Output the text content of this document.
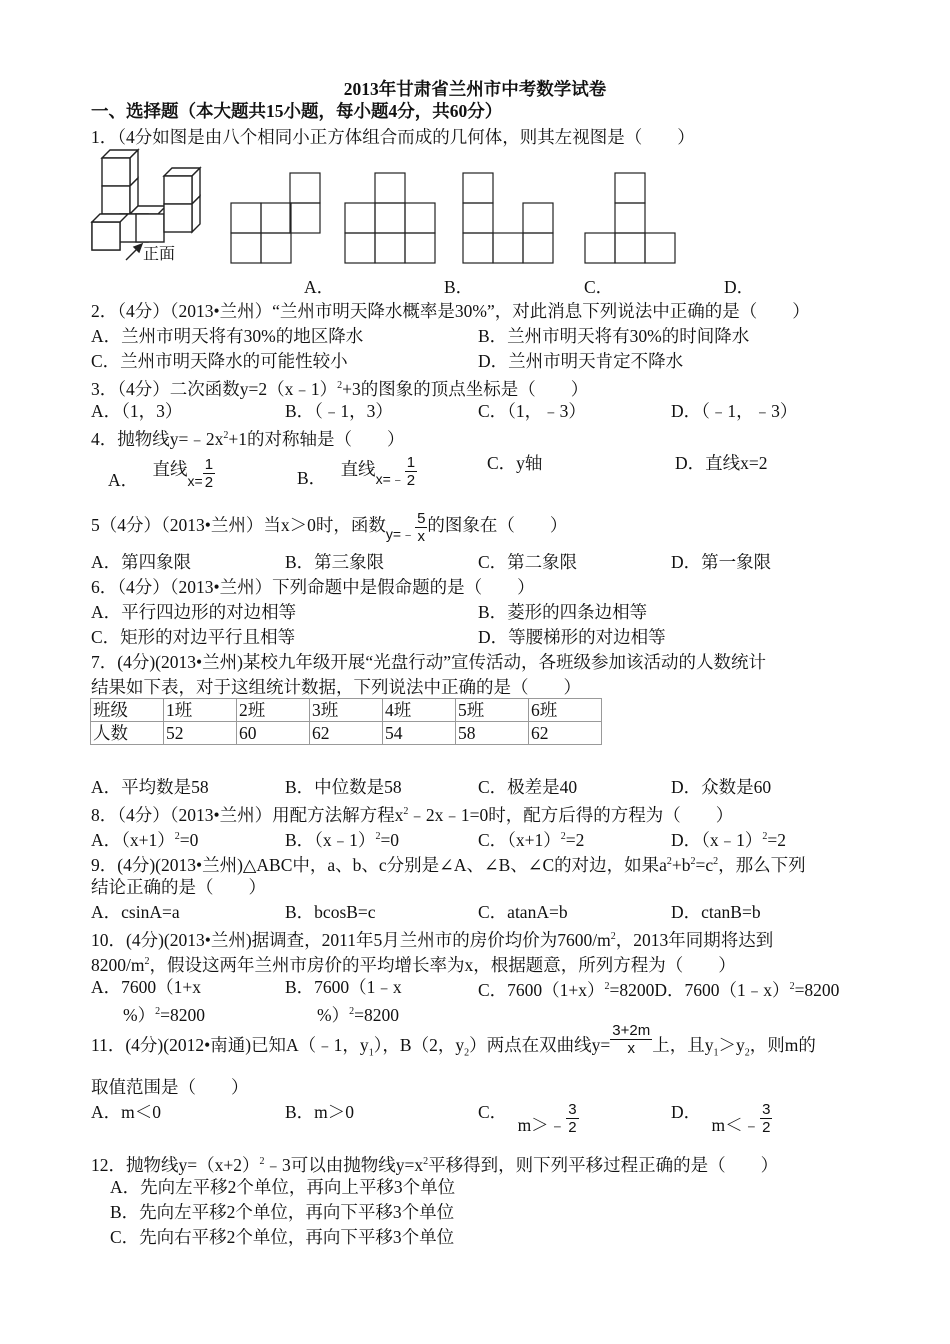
2013年甘肃省兰州市中考数学试卷
一、选择题（本大题共15小题，每小题4分，共60分）
1．（4分如图是由八个相同小正方体组合而成的几何体，则其左视图是（　　）
正面
A．	B．	C．	D．
2．（4分）（2013•兰州）“兰州市明天降水概率是30%”，对此消息下列说法中正确的是（　　）
A．兰州市明天将有30%的地区降水	B．兰州市明天将有30%的时间降水
C．兰州市明天降水的可能性较小	D．兰州市明天肯定不降水
3．（4分）二次函数y=2（x﹣1）$^2$+3的图象的顶点坐标是（　　）
A．（1，3）	B．（﹣1，3）	C．（1，﹣3）	D．（﹣1，﹣3）
4．抛物线$y=﹣2x^2+1$的对称轴是（　　）
A． 直线
$x= \frac{1}{2}$	B． 直线 x=﹣ $\frac{1}{2}$	C．y轴	D．直线x=2
5（4分）（2013•兰州）当x＞0时，函数 y=﹣ $\frac{5}{x}$ 的图象在（　　）
A．第四象限	B．第三象限	C．第二象限	D．第一象限
6．（4分）（2013•兰州）下列命题中是假命题的是（　　）
A．平行四边形的对边相等	B．菱形的四条边相等
C．矩形的对边平行且相等	D．等腰梯形的对边相等
7．(4分)(2013•兰州)某校九年级开展“光盘行动”宣传活动，各班级参加该活动的人数统计
结果如下表，对于这组统计数据，下列说法中正确的是（　　）
班级	1班	2班	3班	4班	5班	6班
人数	52	60	62	54	58	62
A．平均数是58	B．中位数是58	C．极差是40	D．众数是60
8．（4分）（2013•兰州）用配方法解方程$x^2﹣2x﹣1=0$时，配方后得的方程为（　　）
A．$(x+1)^2=0$	B．（x﹣1）$^2$=0	C．$(x+1)^2=2$	D．（x﹣1）$^2$=2
9．(4分)(2013•兰州)△ABC中，a、b、c分别是∠A、∠B、∠C的对边，如果$a^2+b^2=c^2$，那么下列
结论正确的是（　　）
A．csinA=a	B．bcosB=c	C．atanA=b	D．ctanB=b
10．(4分)(2013•兰州)据调查，2011年5月兰州市的房价均价为$7600/m^2$，2013年同期将达到
$8200/m^2$，假设这两年兰州市房价的平均增长率为x，根据题意，所列方程为（　　）
A．7600（1+x
%）$^2$=8200
B．7600（1﹣x
%）$^2$=8200
C．$7600(1+x)^2=8200D$．7600（1﹣x）$^2$=8200
11．(4分)(2012•南通)已知A（﹣1，$y_1$），B（2，$y_2$）两点在双曲线$y= \frac{3+2m}{x}$ 上，且$y_1>y_2$，则m的
取值范围是（　　）
A．m＜0	B．m＞0	C．
m＞﹣ $\frac{3}{2}$	D．
m＜﹣ $\frac{3}{2}$
12．抛物线$y=(x+2)^2﹣3$可以由抛物线$y=x^2$平移得到，则下列平移过程正确的是（　　）
A．先向左平移2个单位，再向上平移3个单位
B．先向左平移2个单位，再向下平移3个单位
C．先向右平移2个单位，再向下平移3个单位
